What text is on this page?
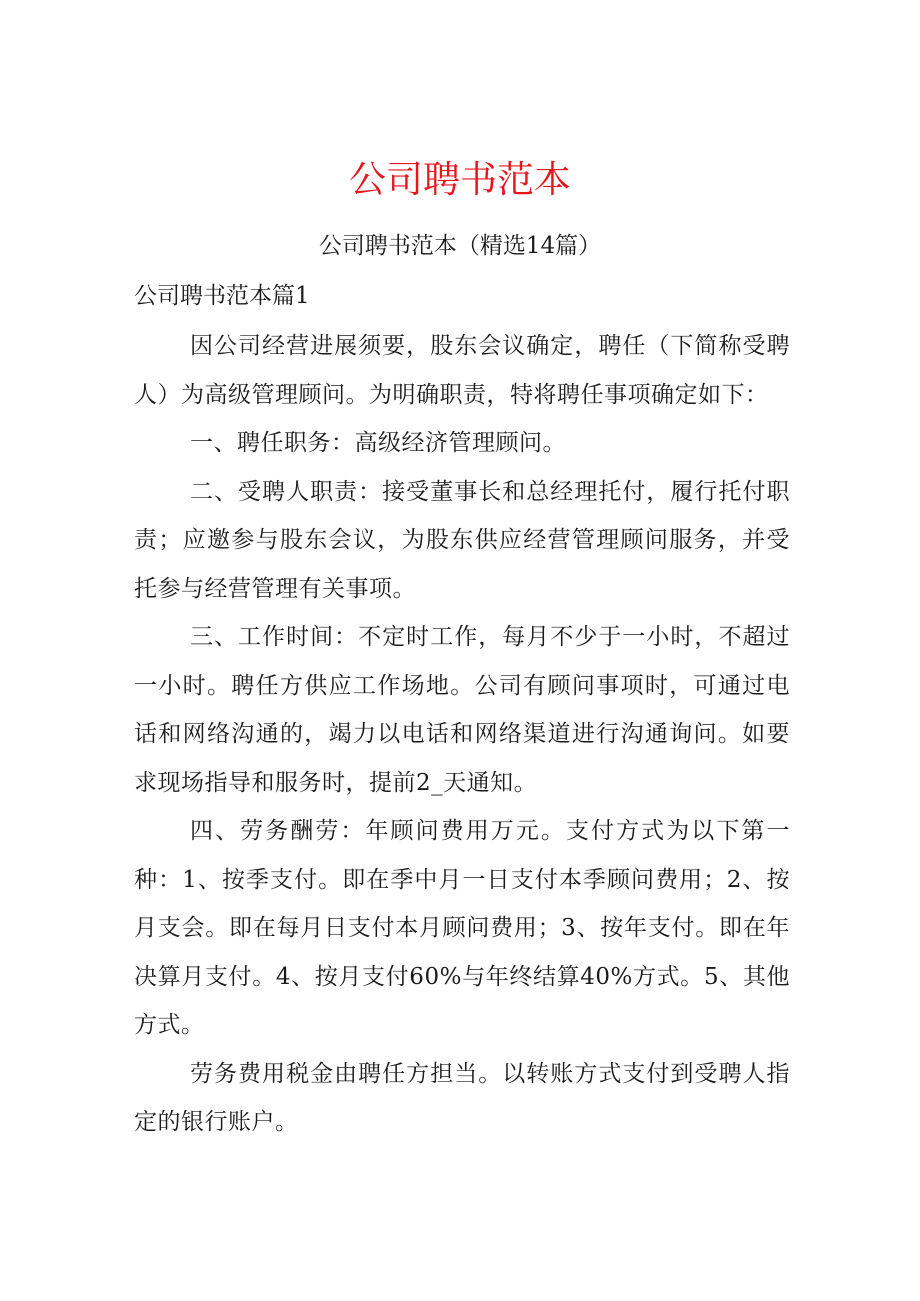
公司聘书范本

公司聘书范本（精选14篇）

公司聘书范本篇1

因公司经营进展须要，股东会议确定，聘任（下简称受聘人）为高级管理顾问。为明确职责，特将聘任事项确定如下：

一、聘任职务：高级经济管理顾问。

二、受聘人职责：接受董事长和总经理托付，履行托付职责；应邀参与股东会议，为股东供应经营管理顾问服务，并受托参与经营管理有关事项。

三、工作时间：不定时工作，每月不少于一小时，不超过一小时。聘任方供应工作场地。公司有顾问事项时，可通过电话和网络沟通的，竭力以电话和网络渠道进行沟通询问。如要求现场指导和服务时，提前2_天通知。

四、劳务酬劳：年顾问费用万元。支付方式为以下第一种：1、按季支付。即在季中月一日支付本季顾问费用；2、按月支会。即在每月日支付本月顾问费用；3、按年支付。即在年决算月支付。4、按月支付60%与年终结算40%方式。5、其他方式。

劳务费用税金由聘任方担当。以转账方式支付到受聘人指定的银行账户。
